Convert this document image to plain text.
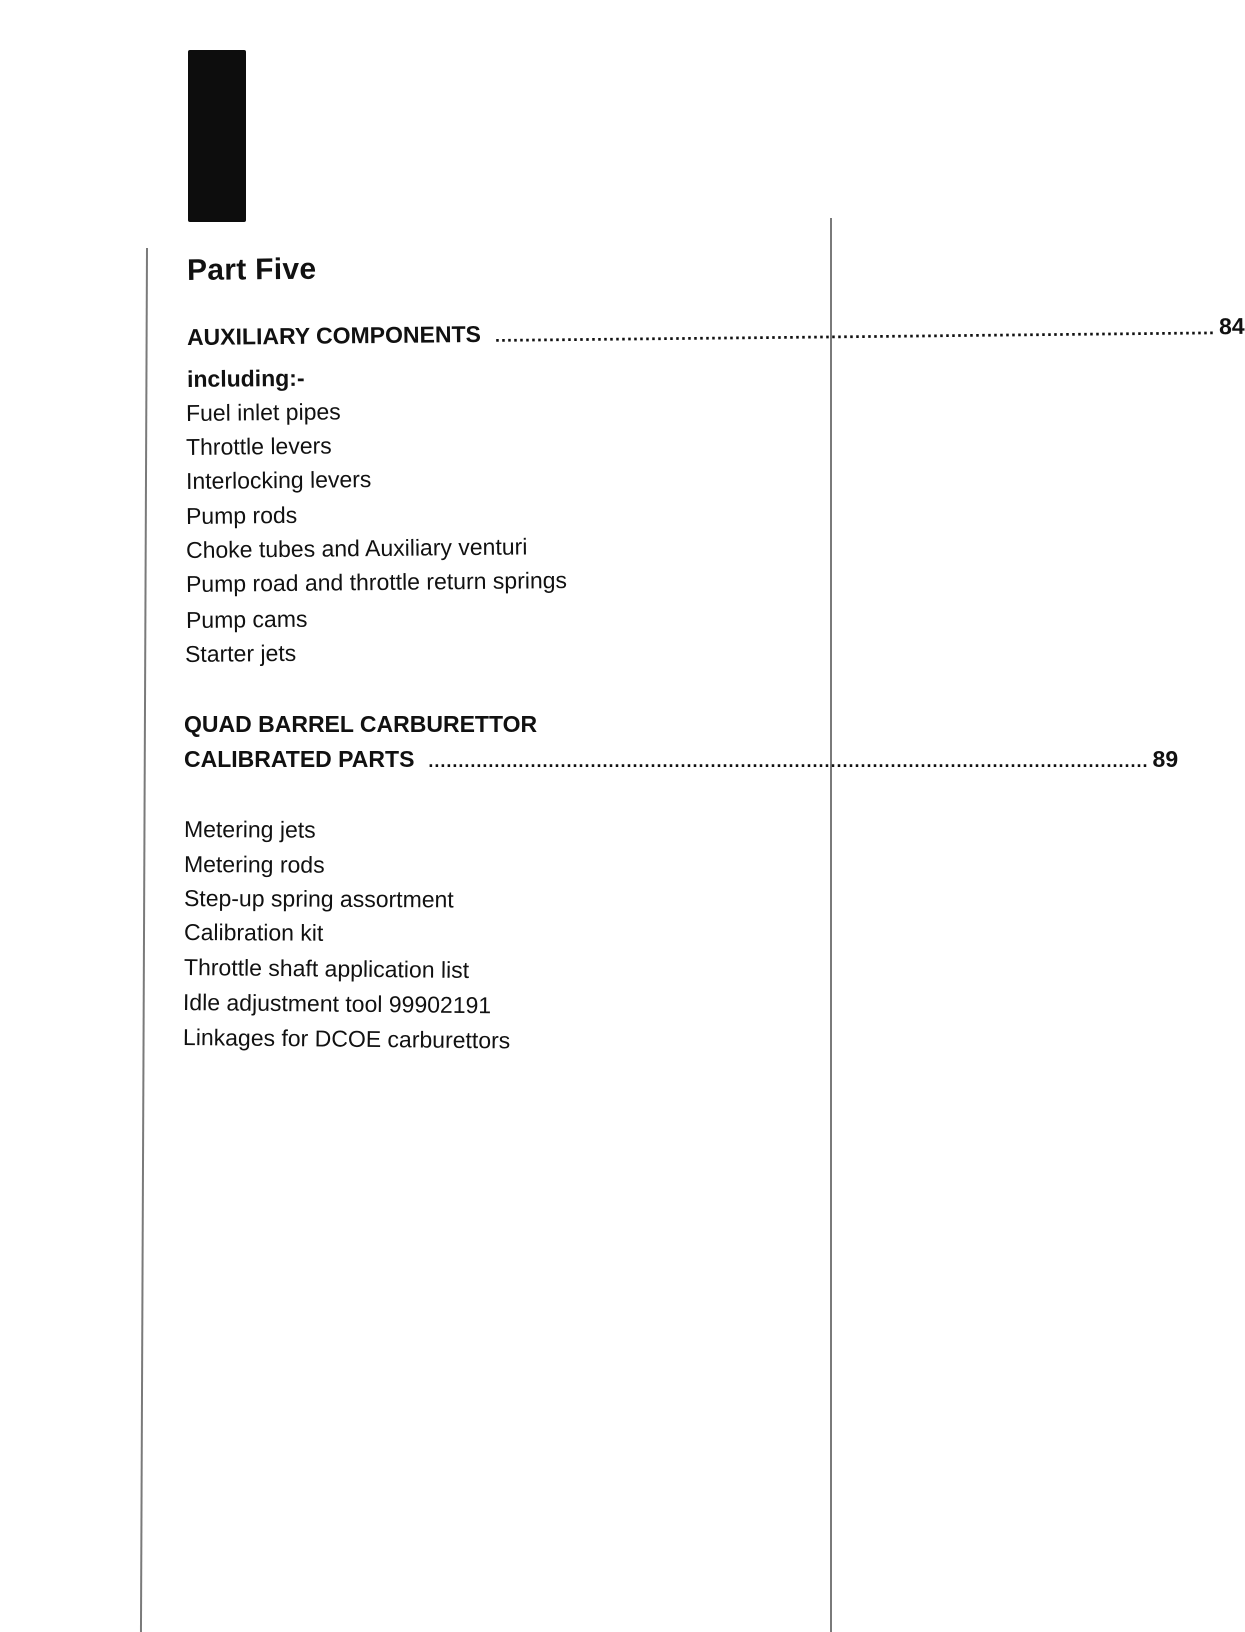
Part Five
AUXILIARY COMPONENTS ........................................................................................................................ 84
including:-
Fuel inlet pipes
Throttle levers
Interlocking levers
Pump rods
Choke tubes and Auxiliary venturi
Pump road and throttle return springs
Pump cams
Starter jets
QUAD BARREL CARBURETTOR
CALIBRATED PARTS ........................................................................................................................ 89
Metering jets
Metering rods
Step-up spring assortment
Calibration kit
Throttle shaft application list
Idle adjustment tool 99902191
Linkages for DCOE carburettors
